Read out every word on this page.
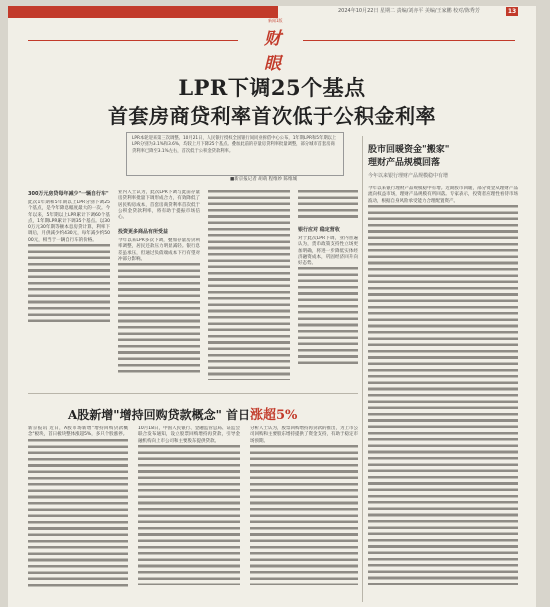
2024年10月22日 星期二 责编/刘亦平 美编/王家鹏 校对/陈秀芳	13
新闻1版
财眼
LPR下调25个基点
首套房商贷利率首次低于公积金利率
LPR本轮迎来第三次调整。10月21日，人民银行授权全国银行间同业拆借中心公布，1年期LPR和5年期以上LPR分别为3.1%和3.6%，均较上月下降25个基点。叠加此前的存量房贷利率批量调整，部分城市首套房商贷利率已降至3.1%左右，首次低于公积金贷款利率。
■新京报记者 胡萌 程维妙 陈维城
300万元房贷每年减少"一辆自行车"
此次1年期和5年期以上LPR分别下调25个基点，是今年降息幅度最大的一次。今年以来，5年期以上LPR累计下调60个基点，1年期LPR累计下调35个基点。以300万元30年期等额本息房贷计算，利率下调后，月供减少约430元，每年减少约5000元，相当于一辆自行车的价格。
业内人士认为，此次LPR下调与此前存量房贷利率批量下调形成合力，有效降低了居民购房成本，首套房商贷利率首次低于公积金贷款利率，将有助于提振市场信心。
投资更多商品有所受益
今年以来LPR多次下调，叠加存量房贷利率调整，居民还款压力明显减轻。银行息差虽承压，但通过负债端成本下行有望对冲部分影响。
银行应对 稳定营收
对于此次LPR下调，业内普遍认为，货币政策支持性立场更加明确，将进一步降低实体经济融资成本，巩固经济回升向好态势。
股市回暖资金"搬家"
理财产品规模回落
今年以来银行理财产品规模稳中有增
今年以来银行理财产品规模稳中有增。近期股市回暖，部分资金从理财产品流向权益市场，理财产品规模有所回落。专家表示，投资者应理性看待市场波动，根据自身风险承受能力合理配置资产。
A股新增"增持回购贷款概念" 首日涨超5%
新京报讯 近日，A股市场新增"增持回购贷款概念"板块，首日板块整体涨超5%，多只个股涨停。
10月18日，中国人民银行、金融监管总局、证监会联合发布通知，设立股票回购增持再贷款，引导金融机构向上市公司和主要股东提供贷款。
分析人士认为，股票回购增持再贷款的推出，为上市公司回购和主要股东增持提供了资金支持，有助于稳定市场预期。
